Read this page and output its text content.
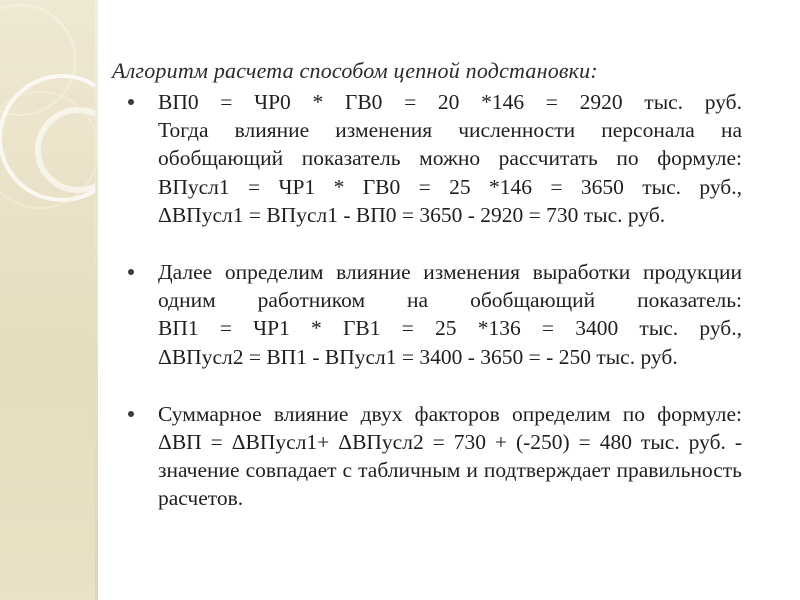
Алгоритм расчета способом цепной подстановки:
ВП0 = ЧР0 * ГВ0 = 20 *146 = 2920 тыс. руб.
Тогда влияние изменения численности персонала на
обобщающий показатель можно рассчитать по формуле:
ВПусл1 = ЧР1 * ГВ0 = 25 *146 = 3650 тыс. руб.,
ΔВПусл1 = ВПусл1 - ВП0 = 3650 - 2920 = 730 тыс. руб.
Далее определим влияние изменения выработки продукции
одним работником на обобщающий показатель:
ВП1 = ЧР1 * ГВ1 = 25 *136 = 3400 тыс. руб.,
ΔВПусл2 = ВП1 - ВПусл1 = 3400 - 3650 = - 250 тыс. руб.
Суммарное влияние двух факторов определим по формуле:
ΔВП = ΔВПусл1+ ΔВПусл2 = 730 + (-250) = 480 тыс. руб. -
значение совпадает с табличным и подтверждает правильность
расчетов.
